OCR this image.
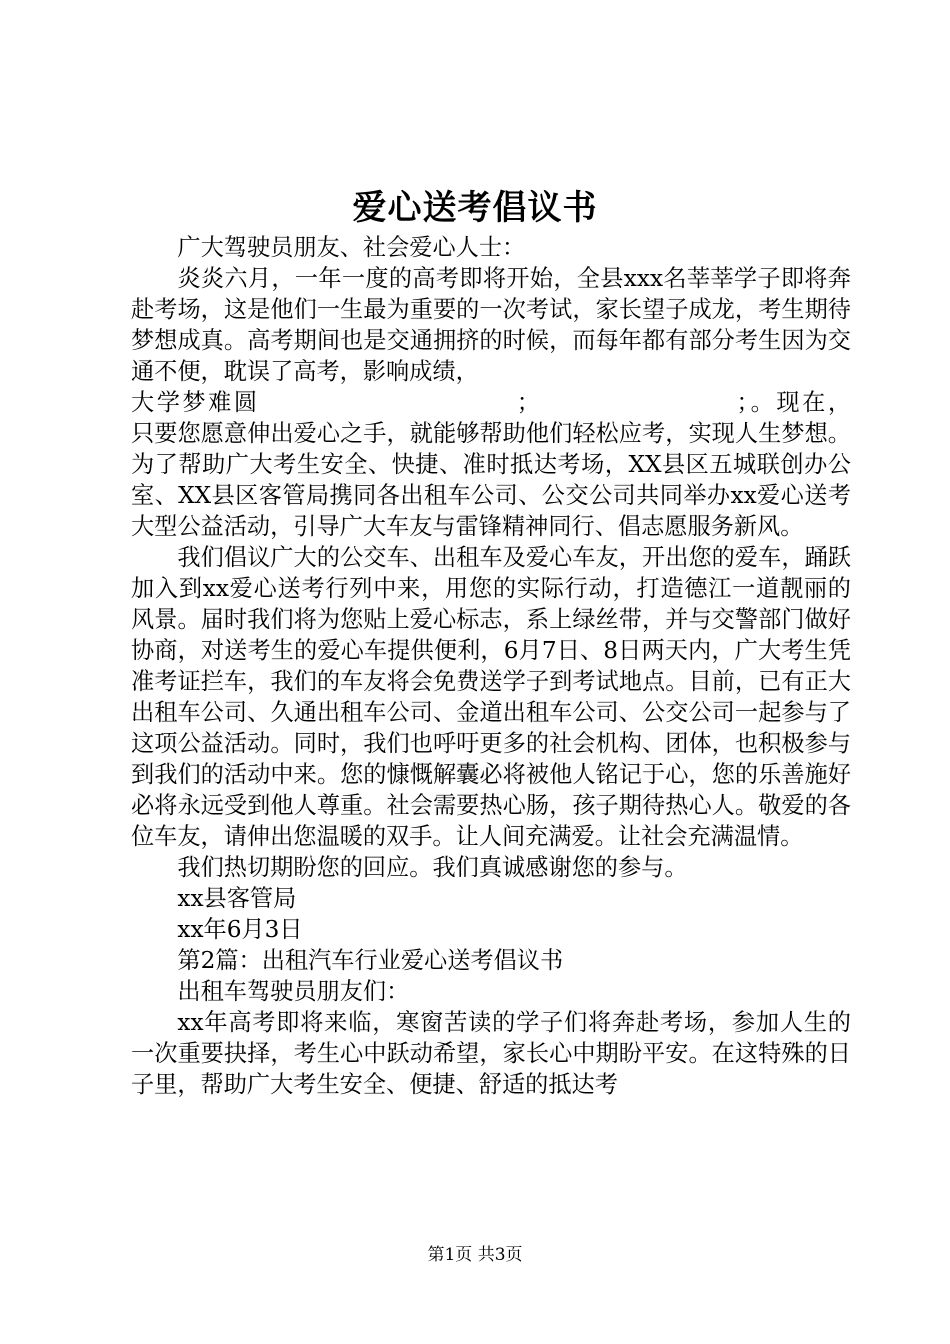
爱心送考倡议书

广大驾驶员朋友、社会爱心人士：

炎炎六月，一年一度的高考即将开始，全县xxx名莘莘学子即将奔赴考场，这是他们一生最为重要的一次考试，家长望子成龙，考生期待梦想成真。高考期间也是交通拥挤的时候，而每年都有部分考生因为交通不便，耽误了高考，影响成绩，

大学梦难圆　　　　　　　　　　；　　　　　　　　；。现在，

只要您愿意伸出爱心之手，就能够帮助他们轻松应考，实现人生梦想。为了帮助广大考生安全、快捷、准时抵达考场，XX县区五城联创办公室、XX县区客管局携同各出租车公司、公交公司共同举办xx爱心送考大型公益活动，引导广大车友与雷锋精神同行、倡志愿服务新风。

我们倡议广大的公交车、出租车及爱心车友，开出您的爱车，踊跃加入到xx爱心送考行列中来，用您的实际行动，打造德江一道靓丽的风景。届时我们将为您贴上爱心标志，系上绿丝带，并与交警部门做好协商，对送考生的爱心车提供便利，6月7日、8日两天内，广大考生凭准考证拦车，我们的车友将会免费送学子到考试地点。目前，已有正大出租车公司、久通出租车公司、金道出租车公司、公交公司一起参与了这项公益活动。同时，我们也呼吁更多的社会机构、团体，也积极参与到我们的活动中来。您的慷慨解囊必将被他人铭记于心，您的乐善施好必将永远受到他人尊重。社会需要热心肠，孩子期待热心人。敬爱的各位车友，请伸出您温暖的双手。让人间充满爱。让社会充满温情。

我们热切期盼您的回应。我们真诚感谢您的参与。

xx县客管局

xx年6月3日

第2篇：出租汽车行业爱心送考倡议书

出租车驾驶员朋友们：

xx年高考即将来临，寒窗苦读的学子们将奔赴考场，参加人生的一次重要抉择，考生心中跃动希望，家长心中期盼平安。在这特殊的日子里，帮助广大考生安全、便捷、舒适的抵达考

第1页 共3页
